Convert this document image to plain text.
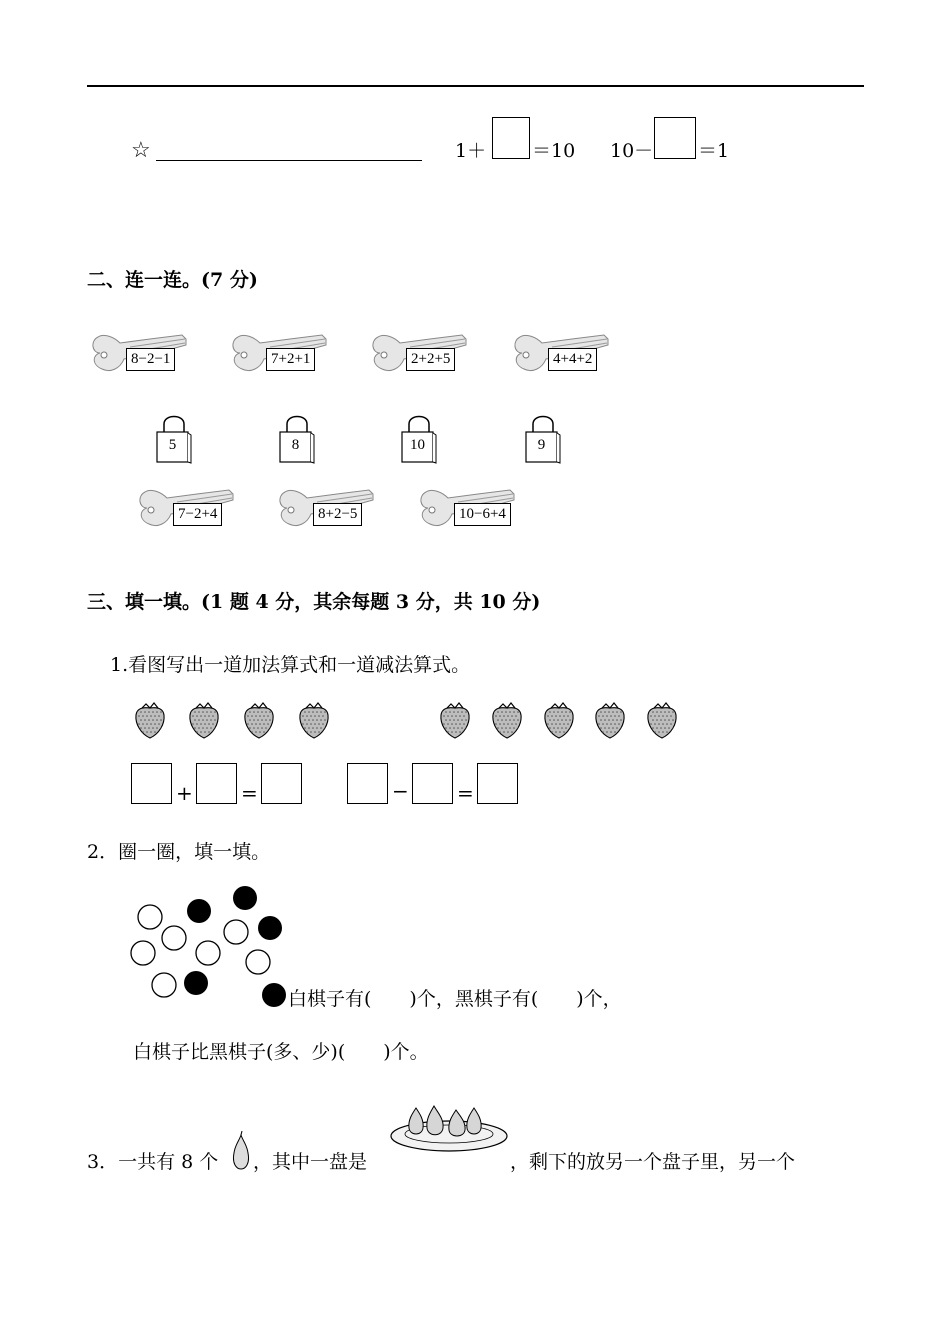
☆	1＋ ＝10 10－ ＝1
二、连一连。(7 分)
8−2−1	7+2+1	2+2+5	4+4+2
5	8	10	9
7−2+4	8+2−5	10−6+4
三、填一填。(1 题 4 分，其余每题 3 分，共 10 分)
1.看图写出一道加法算式和一道减法算式。
+ =	− =
2．圈一圈，填一填。
白棋子有(　　)个，黑棋子有(　　)个，
白棋子比黑棋子(多、少)(　　)个。
3．一共有 8 个 ，其中一盘是	，剩下的放另一个盘子里，另一个
